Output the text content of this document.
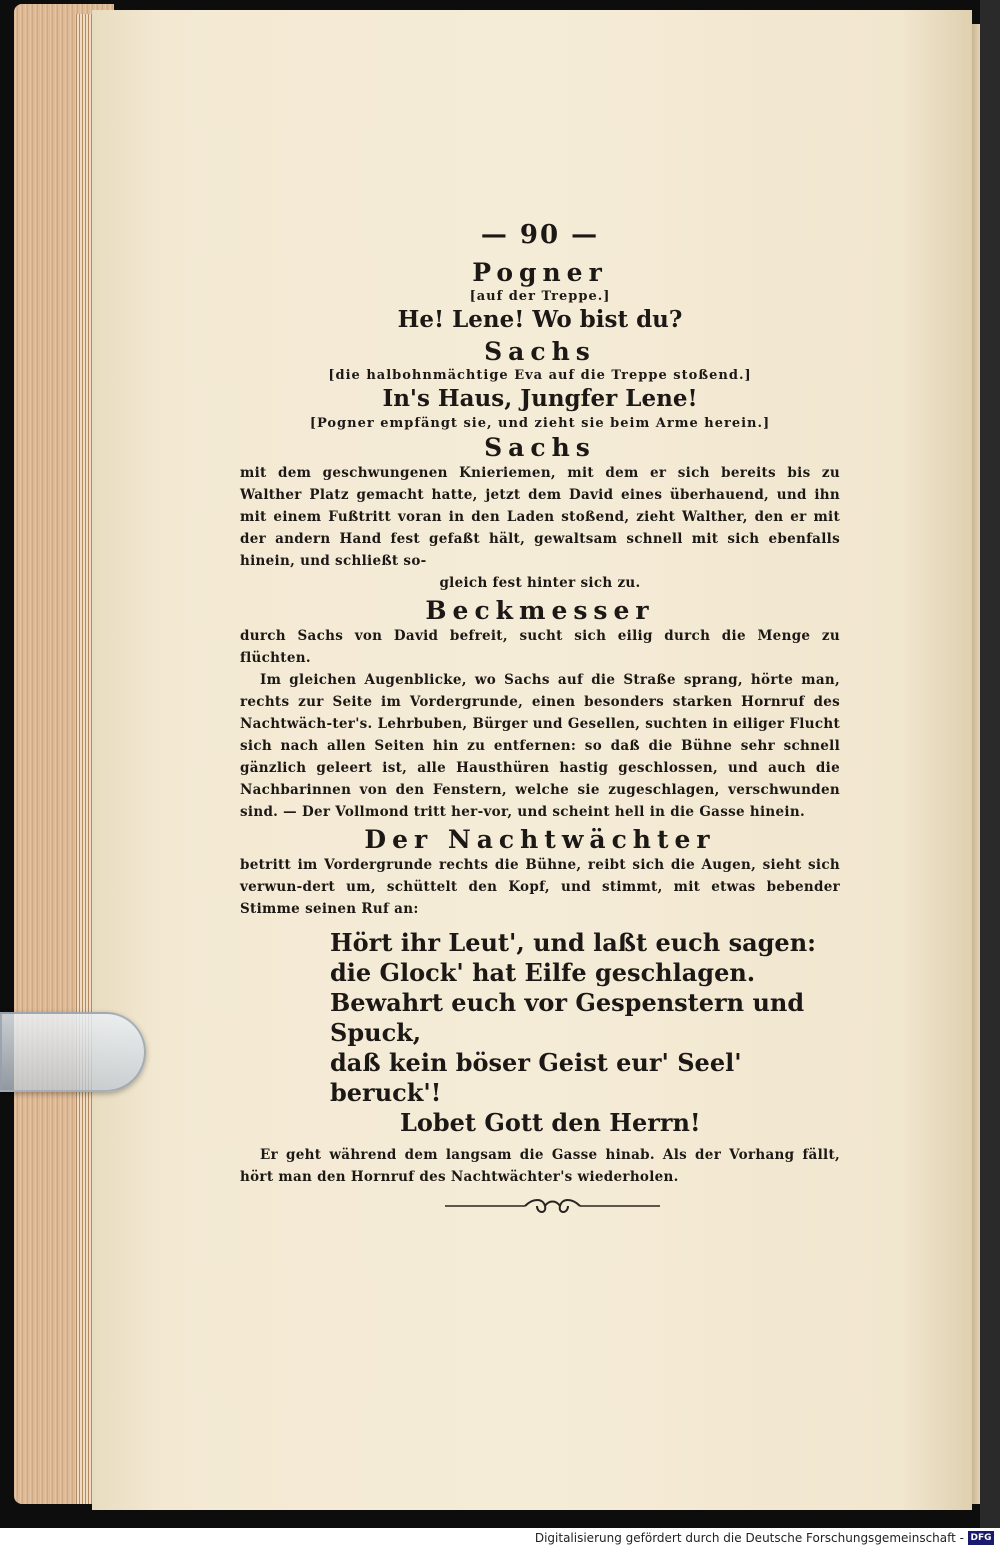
— 90 —
Pogner
[auf der Treppe.]
He! Lene! Wo bist du?
Sachs
[die halbohnmächtige Eva auf die Treppe stoßend.]
In's Haus, Jungfer Lene!
[Pogner empfängt sie, und zieht sie beim Arme herein.]
Sachs

mit dem geschwungenen Knieriemen, mit dem er sich bereits bis zu Walther Platz gemacht hatte, jetzt dem David eines überhauend, und ihn mit einem Fußtritt voran in den Laden stoßend, zieht Walther, den er mit der andern Hand fest gefaßt hält, gewaltsam schnell mit sich ebenfalls hinein, und schließt so-
gleich fest hinter sich zu.

Beckmesser

durch Sachs von David befreit, sucht sich eilig durch die Menge zu flüchten.

Im gleichen Augenblicke, wo Sachs auf die Straße sprang, hörte man, rechts zur Seite im Vordergrunde, einen besonders starken Hornruf des Nachtwäch-ter's. Lehrbuben, Bürger und Gesellen, suchten in eiliger Flucht sich nach allen Seiten hin zu entfernen: so daß die Bühne sehr schnell gänzlich geleert ist, alle Hausthüren hastig geschlossen, und auch die Nachbarinnen von den Fenstern, welche sie zugeschlagen, verschwunden sind. — Der Vollmond tritt her-vor, und scheint hell in die Gasse hinein.

Der Nachtwächter

betritt im Vordergrunde rechts die Bühne, reibt sich die Augen, sieht sich verwun-dert um, schüttelt den Kopf, und stimmt, mit etwas bebender Stimme seinen Ruf an:

Hört ihr Leut', und laßt euch sagen:
die Glock' hat Eilfe geschlagen.
Bewahrt euch vor Gespenstern und Spuck,
daß kein böser Geist eur' Seel' beruck'!
Lobet Gott den Herrn!

Er geht während dem langsam die Gasse hinab. Als der Vorhang fällt, hört man den Hornruf des Nachtwächter's wiederholen.

Digitalisierung gefördert durch die Deutsche Forschungsgemeinschaft - DFG
